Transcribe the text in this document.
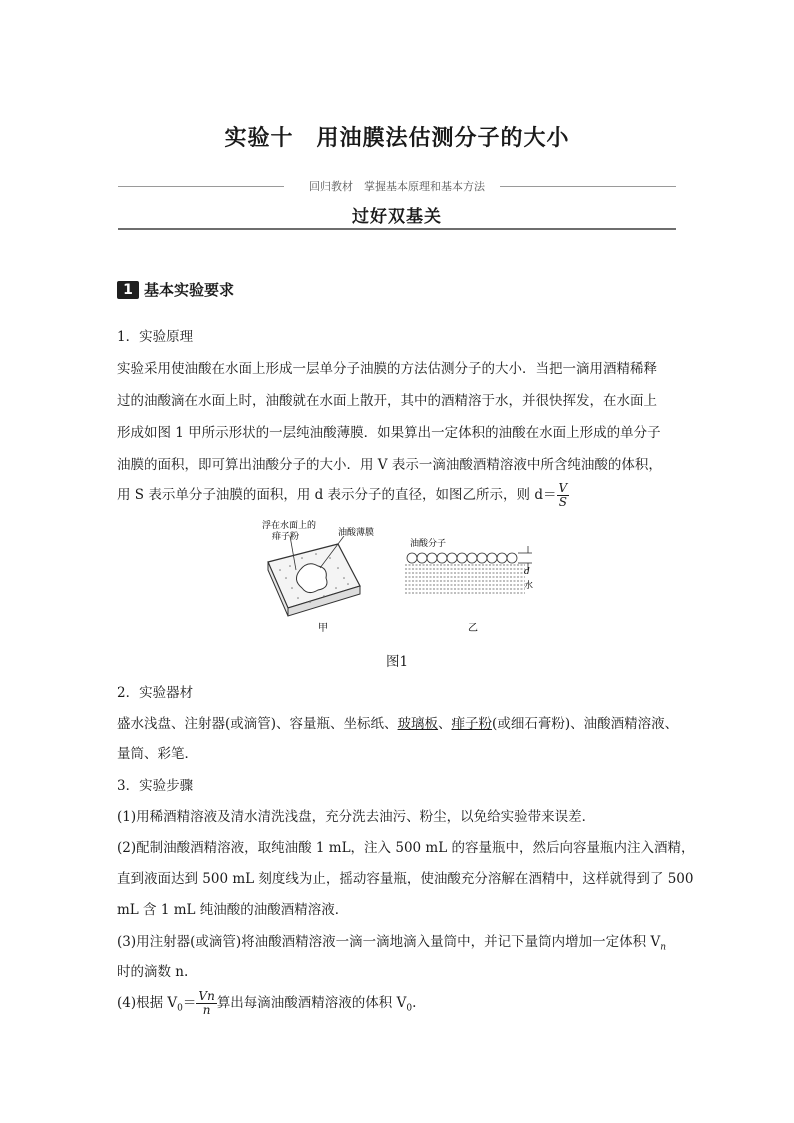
实验十　用油膜法估测分子的大小
回归教材　掌握基本原理和基本方法
过好双基关
1 基本实验要求
1．实验原理
实验采用使油酸在水面上形成一层单分子油膜的方法估测分子的大小．当把一滴用酒精稀释
过的油酸滴在水面上时，油酸就在水面上散开，其中的酒精溶于水，并很快挥发，在水面上
形成如图 1 甲所示形状的一层纯油酸薄膜．如果算出一定体积的油酸在水面上形成的单分子
油膜的面积，即可算出油酸分子的大小．用 V 表示一滴油酸酒精溶液中所含纯油酸的体积，
用 S 表示单分子油膜的面积，用 d 表示分子的直径，如图乙所示，则 $d= \frac{V}{S}$
浮在水面上的
痱子粉	油酸薄膜
甲
油酸分子
d
水
乙
图1
2．实验器材
盛水浅盘、注射器(或滴管)、容量瓶、坐标纸、玻璃板、痱子粉(或细石膏粉)、油酸酒精溶液、
量筒、彩笔．
3．实验步骤
(1)用稀酒精溶液及清水清洗浅盘，充分洗去油污、粉尘，以免给实验带来误差．
(2)配制油酸酒精溶液，取纯油酸 1 mL，注入 500 mL 的容量瓶中，然后向容量瓶内注入酒精，
直到液面达到 500 mL 刻度线为止，摇动容量瓶，使油酸充分溶解在酒精中，这样就得到了 500
mL 含 1 mL 纯油酸的油酸酒精溶液．
(3)用注射器(或滴管)将油酸酒精溶液一滴一滴地滴入量筒中，并记下量筒内增加一定体积 $V_n$
时的滴数 n.
(4)根据 $V_0= \frac{Vn}{n}$ 算出每滴油酸酒精溶液的体积 $V_0$.
